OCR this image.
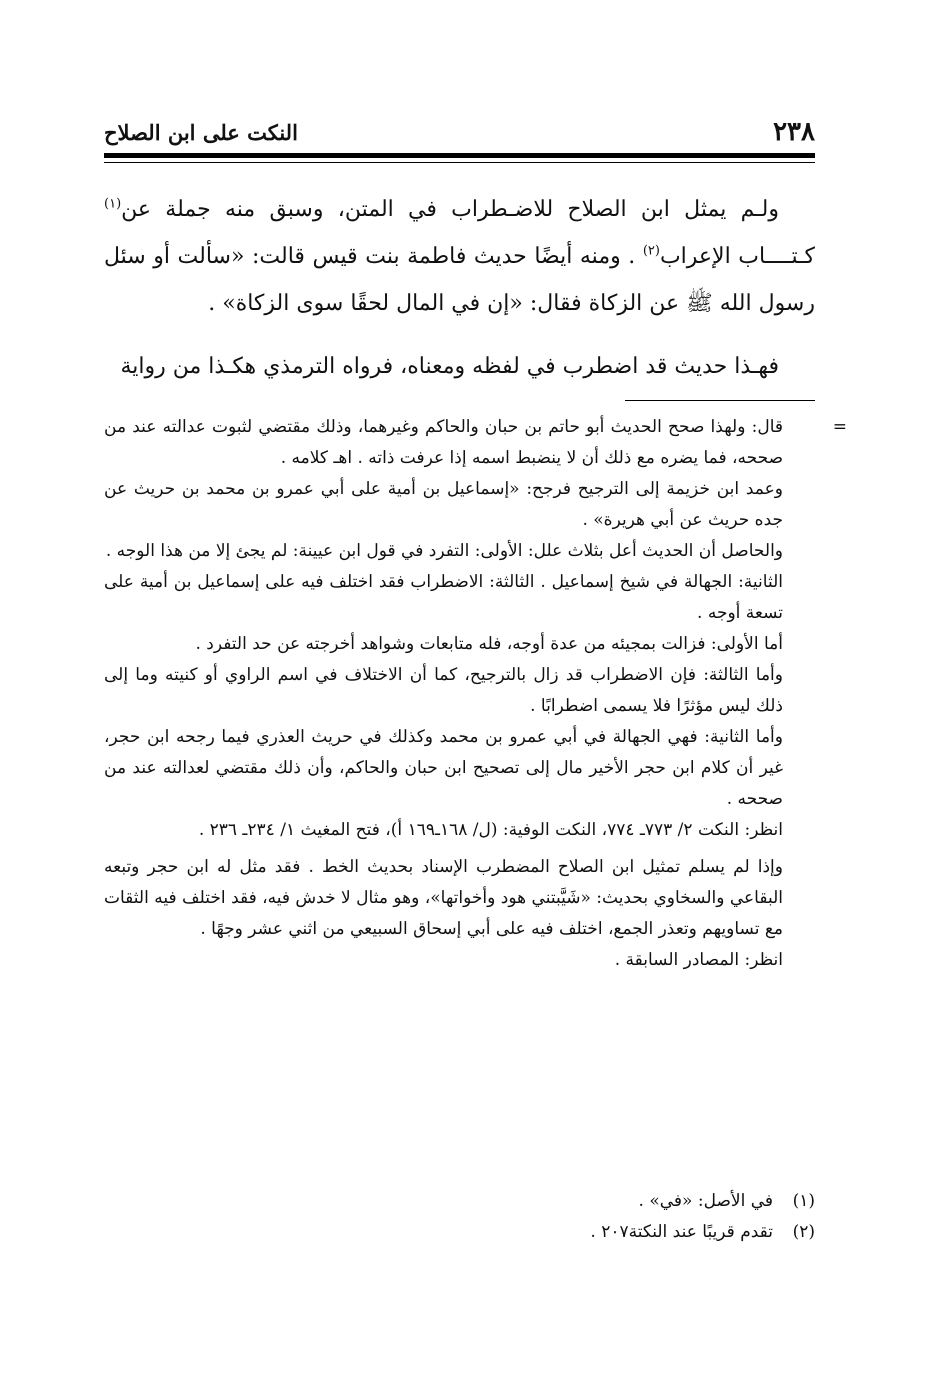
النكت على ابن الصلاح	٢٣٨

ولـم يمثل ابن الصلاح للاضـطراب في المتن، وسبق منه جملة عن$^{(١)}$ كـتــــاب الإعراب$^{(٢)}$ . ومنه أيضًا حديث فاطمة بنت قيس قالت: «سألت أو سئل رسول الله ﷺ عن الزكاة فقال: «إن في المال لحقًا سوى الزكاة» .

فهـذا حديث قد اضطرب في لفظه ومعناه، فرواه الترمذي هكـذا من رواية

=
قال: ولهذا صحح الحديث أبو حاتم بن حبان والحاكم وغيرهما، وذلك مقتضي لثبوت عدالته عند من صححه، فما يضره مع ذلك أن لا ينضبط اسمه إذا عرفت ذاته . اهـ كلامه .

وعمد ابن خزيمة إلى الترجيح فرجح: «إسماعيل بن أمية على أبي عمرو بن محمد بن حريث عن جده حريث عن أبي هريرة» .

والحاصل أن الحديث أعل بثلاث علل: الأولى: التفرد في قول ابن عيينة: لم يجئ إلا من هذا الوجه .

الثانية: الجهالة في شيخ إسماعيل . الثالثة: الاضطراب فقد اختلف فيه على إسماعيل بن أمية على تسعة أوجه .

أما الأولى: فزالت بمجيئه من عدة أوجه، فله متابعات وشواهد أخرجته عن حد التفرد .

وأما الثالثة: فإن الاضطراب قد زال بالترجيح، كما أن الاختلاف في اسم الراوي أو كنيته وما إلى ذلك ليس مؤثرًا فلا يسمى اضطرابًا .

وأما الثانية: فهي الجهالة في أبي عمرو بن محمد وكذلك في حريث العذري فيما رجحه ابن حجر، غير أن كلام ابن حجر الأخير مال إلى تصحيح ابن حبان والحاكم، وأن ذلك مقتضي لعدالته عند من صححه .

انظر: النكت ٢/ ٧٧٣ـ ٧٧٤، النكت الوفية: (ل/ ١٦٨ـ١٦٩ أ)، فتح المغيث ١/ ٢٣٤ـ ٢٣٦ .

وإذا لم يسلم تمثيل ابن الصلاح المضطرب الإسناد بحديث الخط . فقد مثل له ابن حجر وتبعه البقاعي والسخاوي بحديث: «شَيَّبتني هود وأخواتها»، وهو مثال لا خدش فيه، فقد اختلف فيه الثقات مع تساويهم وتعذر الجمع، اختلف فيه على أبي إسحاق السبيعي من اثني عشر وجهًا .

انظر: المصادر السابقة .

(١)في الأصل: «في» .

(٢)تقدم قريبًا عند النكتة٢٠٧ .
